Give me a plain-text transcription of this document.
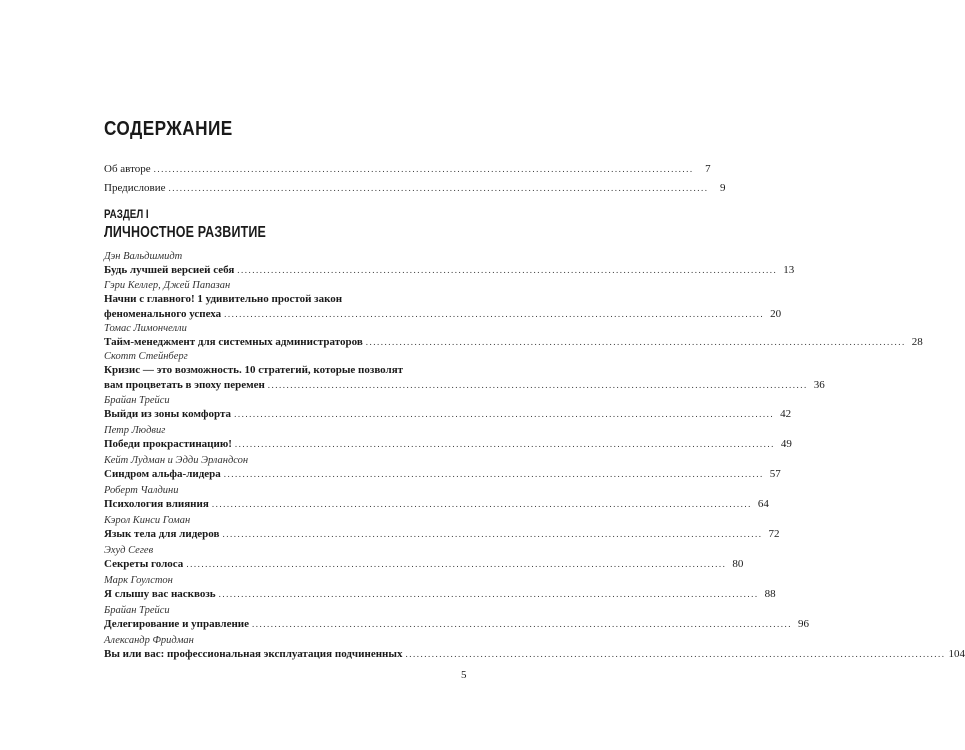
СОДЕРЖАНИЕ
Об авторе ................................................................................................................................................	7
Предисловие ................................................................................................................................................	9
РАЗДЕЛ I
ЛИЧНОСТНОЕ РАЗВИТИЕ
Дэн Вальдшмидт
Будь лучшей версией себя ................................................................................................................................................ 13
Гэри Келлер, Джей Папазан
Начни с главного! 1 удивительно простой закон
феноменального успеха ................................................................................................................................................ 20
Томас Лимончелли
Тайм-менеджмент для системных администраторов ................................................................................................................................................ 28
Скотт Стейнберг
Кризис — это возможность. 10 стратегий, которые позволят
вам процветать в эпоху перемен ................................................................................................................................................ 36
Брайан Трейси
Выйди из зоны комфорта ................................................................................................................................................ 42
Петр Людвиг
Победи прокрастинацию! ................................................................................................................................................ 49
Кейт Лудман и Эдди Эрландсон
Синдром альфа-лидера ................................................................................................................................................ 57
Роберт Чалдини
Психология влияния ................................................................................................................................................ 64
Кэрол Кинси Гоман
Язык тела для лидеров ................................................................................................................................................ 72
Эхуд Сегев
Секреты голоса ................................................................................................................................................ 80
Марк Гоулстон
Я слышу вас насквозь ................................................................................................................................................ 88
Брайан Трейси
Делегирование и управление ................................................................................................................................................ 96
Александр Фридман
Вы или вас: профессиональная эксплуатация подчиненных ................................................................................................................................................ 104
5
